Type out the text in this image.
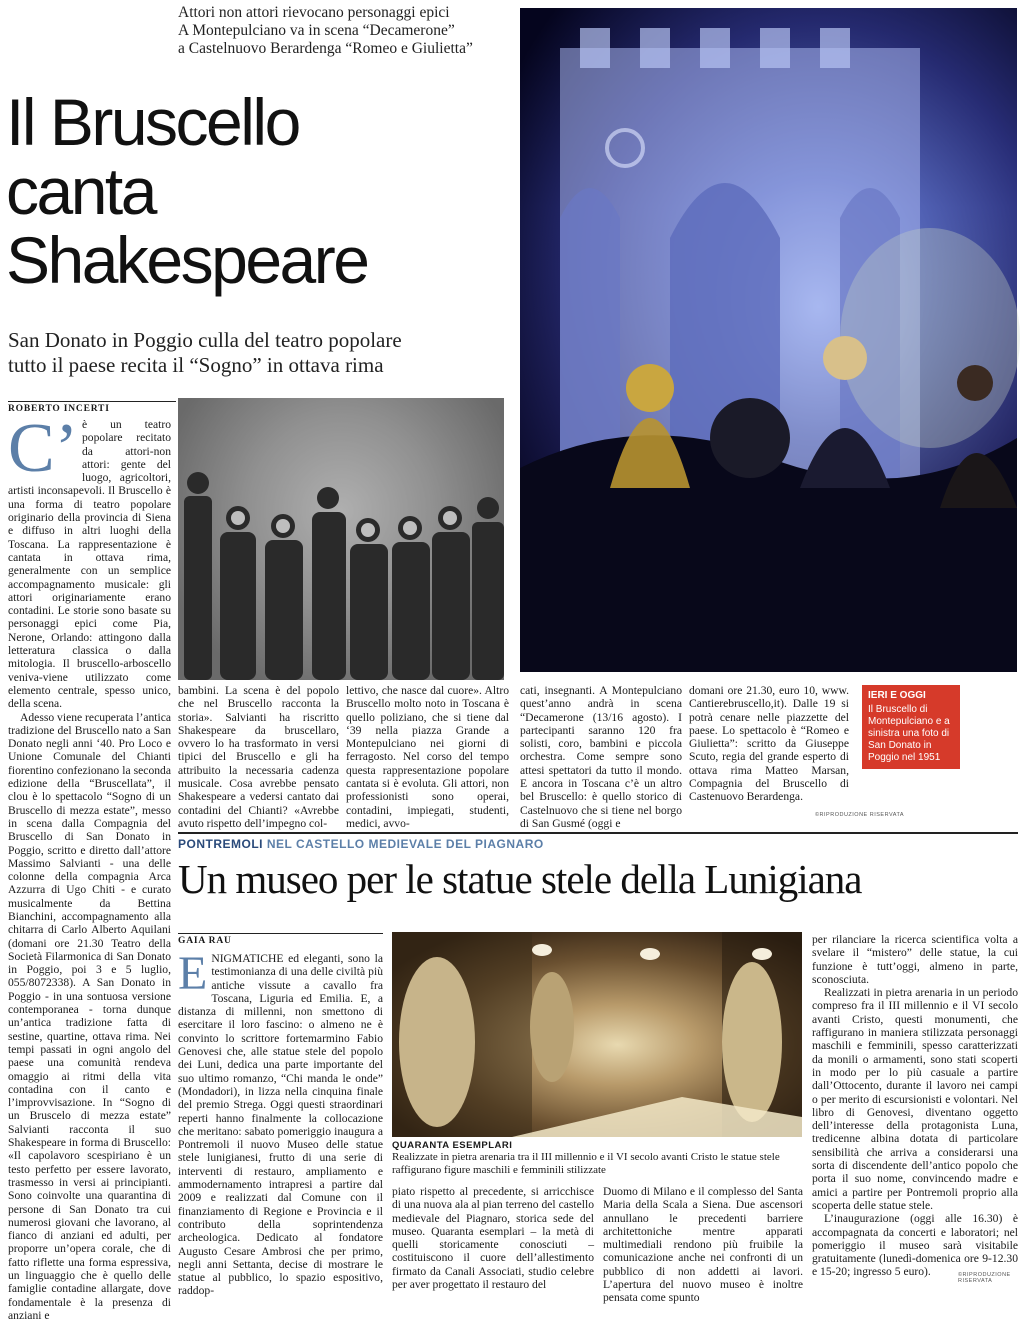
Attori non attori rievocano personaggi epici
A Montepulciano va in scena “Decamerone”
a Castelnuovo Berardenga “Romeo e Giulietta”
Il Bruscello
canta
Shakespeare
San Donato in Poggio culla del teatro popolare
tutto il paese recita il “Sogno” in ottava rima
ROBERTO INCERTI
C’ è un teatro popolare recitato da attori-non attori: gente del luogo, agricoltori, artisti inconsapevoli. Il Bruscello è una forma di teatro popolare originario della provincia di Siena e diffuso in altri luoghi della Toscana. La rappresentazione è cantata in ottava rima, generalmente con un semplice accompagnamento musicale: gli attori originariamente erano contadini. Le storie sono basate su personaggi epici come Pia, Nerone, Orlando: attingono dalla letteratura classica o dalla mitologia. Il bruscello-arboscello veniva-viene utilizzato come elemento centrale, spesso unico, della scena.
Adesso viene recuperata l’antica tradizione del Bruscello nato a San Donato negli anni ‘40. Pro Loco e Unione Comunale del Chianti fiorentino confezionano la seconda edizione della “Bruscellata”, il clou è lo spettacolo “Sogno di un Bruscello di mezza estate”, messo in scena dalla Compagnia del Bruscello di San Donato in Poggio, scritto e diretto dall’attore Massimo Salvianti - una delle colonne della compagnia Arca Azzurra di Ugo Chiti - e curato musicalmente da Bettina Bianchini, accompagnamento alla chitarra di Carlo Alberto Aquilani (domani ore 21.30 Teatro della Società Filarmonica di San Donato in Poggio, poi 3 e 5 luglio, 055/8072338). A San Donato in Poggio - in una sontuosa versione contemporanea - torna dunque un’antica tradizione fatta di sestine, quartine, ottava rima. Nei tempi passati in ogni angolo del paese una comunità rendeva omaggio ai ritmi della vita contadina con il canto e l’improvvisazione. In “Sogno di un Bruscelo di mezza estate” Salvianti racconta il suo Shakespeare in forma di Bruscello: «Il capolavoro scespiriano è un testo perfetto per essere lavorato, trasmesso in versi ai principianti. Sono coinvolte una quarantina di persone di San Donato tra cui numerosi giovani che lavorano, al fianco di anziani ed adulti, per proporre un’opera corale, che di fatto riflette una forma espressiva, un linguaggio che è quello delle famiglie contadine allargate, dove fondamentale è la presenza di anziani e
bambini. La scena è del popolo che nel Bruscello racconta la storia». Salvianti ha riscritto Shakespeare da bruscellaro, ovvero lo ha trasformato in versi tipici del Bruscello e gli ha attribuito la necessaria cadenza musicale. Cosa avrebbe pensato Shakespeare a vedersi cantato dai contadini del Chianti? «Avrebbe avuto rispetto dell’impegno col-
lettivo, che nasce dal cuore». Altro Bruscello molto noto in Toscana è quello poliziano, che si tiene dal ‘39 nella piazza Grande a Montepulciano nei giorni di ferragosto. Nel corso del tempo questa rappresentazione popolare cantata si è evoluta. Gli attori, non professionisti sono operai, contadini, impiegati, studenti, medici, avvo-
cati, insegnanti. A Montepulciano quest’anno andrà in scena “Decamerone (13/16 agosto). I partecipanti saranno 120 fra solisti, coro, bambini e piccola orchestra. Come sempre sono attesi spettatori da tutto il mondo. E ancora in Toscana c’è un altro bel Bruscello: è quello storico di Castelnuovo che si tiene nel borgo di San Gusmé (oggi e
domani ore 21.30, euro 10, www. Cantierebruscello,it). Dalle 19 si potrà cenare nelle piazzette del paese. Lo spettacolo è “Romeo e Giulietta”: scritto da Giuseppe Scuto, regia del grande esperto di ottava rima Matteo Marsan, Compagnia del Bruscello di Castenuovo Berardenga.
IERI E OGGI
Il Bruscello di Montepulciano e a sinistra una foto di San Donato in Poggio nel 1951
©RIPRODUZIONE RISERVATA
PONTREMOLI NEL CASTELLO MEDIEVALE DEL PIAGNARO
Un museo per le statue stele della Lunigiana
GAIA RAU
E NIGMATICHE ed eleganti, sono la testimonianza di una delle civiltà più antiche vissute a cavallo fra Toscana, Liguria ed Emilia. E, a distanza di millenni, non smettono di esercitare il loro fascino: o almeno ne è convinto lo scrittore fortemarmino Fabio Genovesi che, alle statue stele del popolo dei Luni, dedica una parte importante del suo ultimo romanzo, “Chi manda le onde” (Mondadori), in lizza nella cinquina finale del premio Strega. Oggi questi straordinari reperti hanno finalmente la collocazione che meritano: sabato pomeriggio inaugura a Pontremoli il nuovo Museo delle statue stele lunigianesi, frutto di una serie di interventi di restauro, ampliamento e ammodernamento intrapresi a partire dal 2009 e realizzati dal Comune con il finanziamento di Regione e Provincia e il contributo della soprintendenza archeologica. Dedicato al fondatore Augusto Cesare Ambrosi che per primo, negli anni Settanta, decise di mostrare le statue al pubblico, lo spazio espositivo, raddop-
QUARANTA ESEMPLARI
Realizzate in pietra arenaria tra il III millennio e il VI secolo avanti Cristo le statue stele raffigurano figure maschili e femminili stilizzate
piato rispetto al precedente, si arricchisce di una nuova ala al pian terreno del castello medievale del Piagnaro, storica sede del museo. Quaranta esemplari – la metà di quelli storicamente conosciuti – costituiscono il cuore dell’allestimento firmato da Canali Associati, studio celebre per aver progettato il restauro del
Duomo di Milano e il complesso del Santa Maria della Scala a Siena. Due ascensori annullano le precedenti barriere architettoniche mentre apparati multimediali rendono più fruibile la comunicazione anche nei confronti di un pubblico di non addetti ai lavori. L’apertura del nuovo museo è inoltre pensata come spunto
per rilanciare la ricerca scientifica volta a svelare il “mistero” delle statue, la cui funzione è tutt’oggi, almeno in parte, sconosciuta.
Realizzati in pietra arenaria in un periodo compreso fra il III millennio e il VI secolo avanti Cristo, questi monumenti, che raffigurano in maniera stilizzata personaggi maschili e femminili, spesso caratterizzati da monili o armamenti, sono stati scoperti in modo per lo più casuale a partire dall’Ottocento, durante il lavoro nei campi o per merito di escursionisti e volontari. Nel libro di Genovesi, diventano oggetto dell’interesse della protagonista Luna, tredicenne albina dotata di particolare sensibilità che arriva a considerarsi una sorta di discendente dell’antico popolo che porta il suo nome, convincendo madre e amici a partire per Pontremoli proprio alla scoperta delle statue stele.
L’inaugurazione (oggi alle 16.30) è accompagnata da concerti e laboratori; nel pomeriggio il museo sarà visitabile gratuitamente (lunedì-domenica ore 9-12.30 e 15-20; ingresso 5 euro).	©RIPRODUZIONE RISERVATA
